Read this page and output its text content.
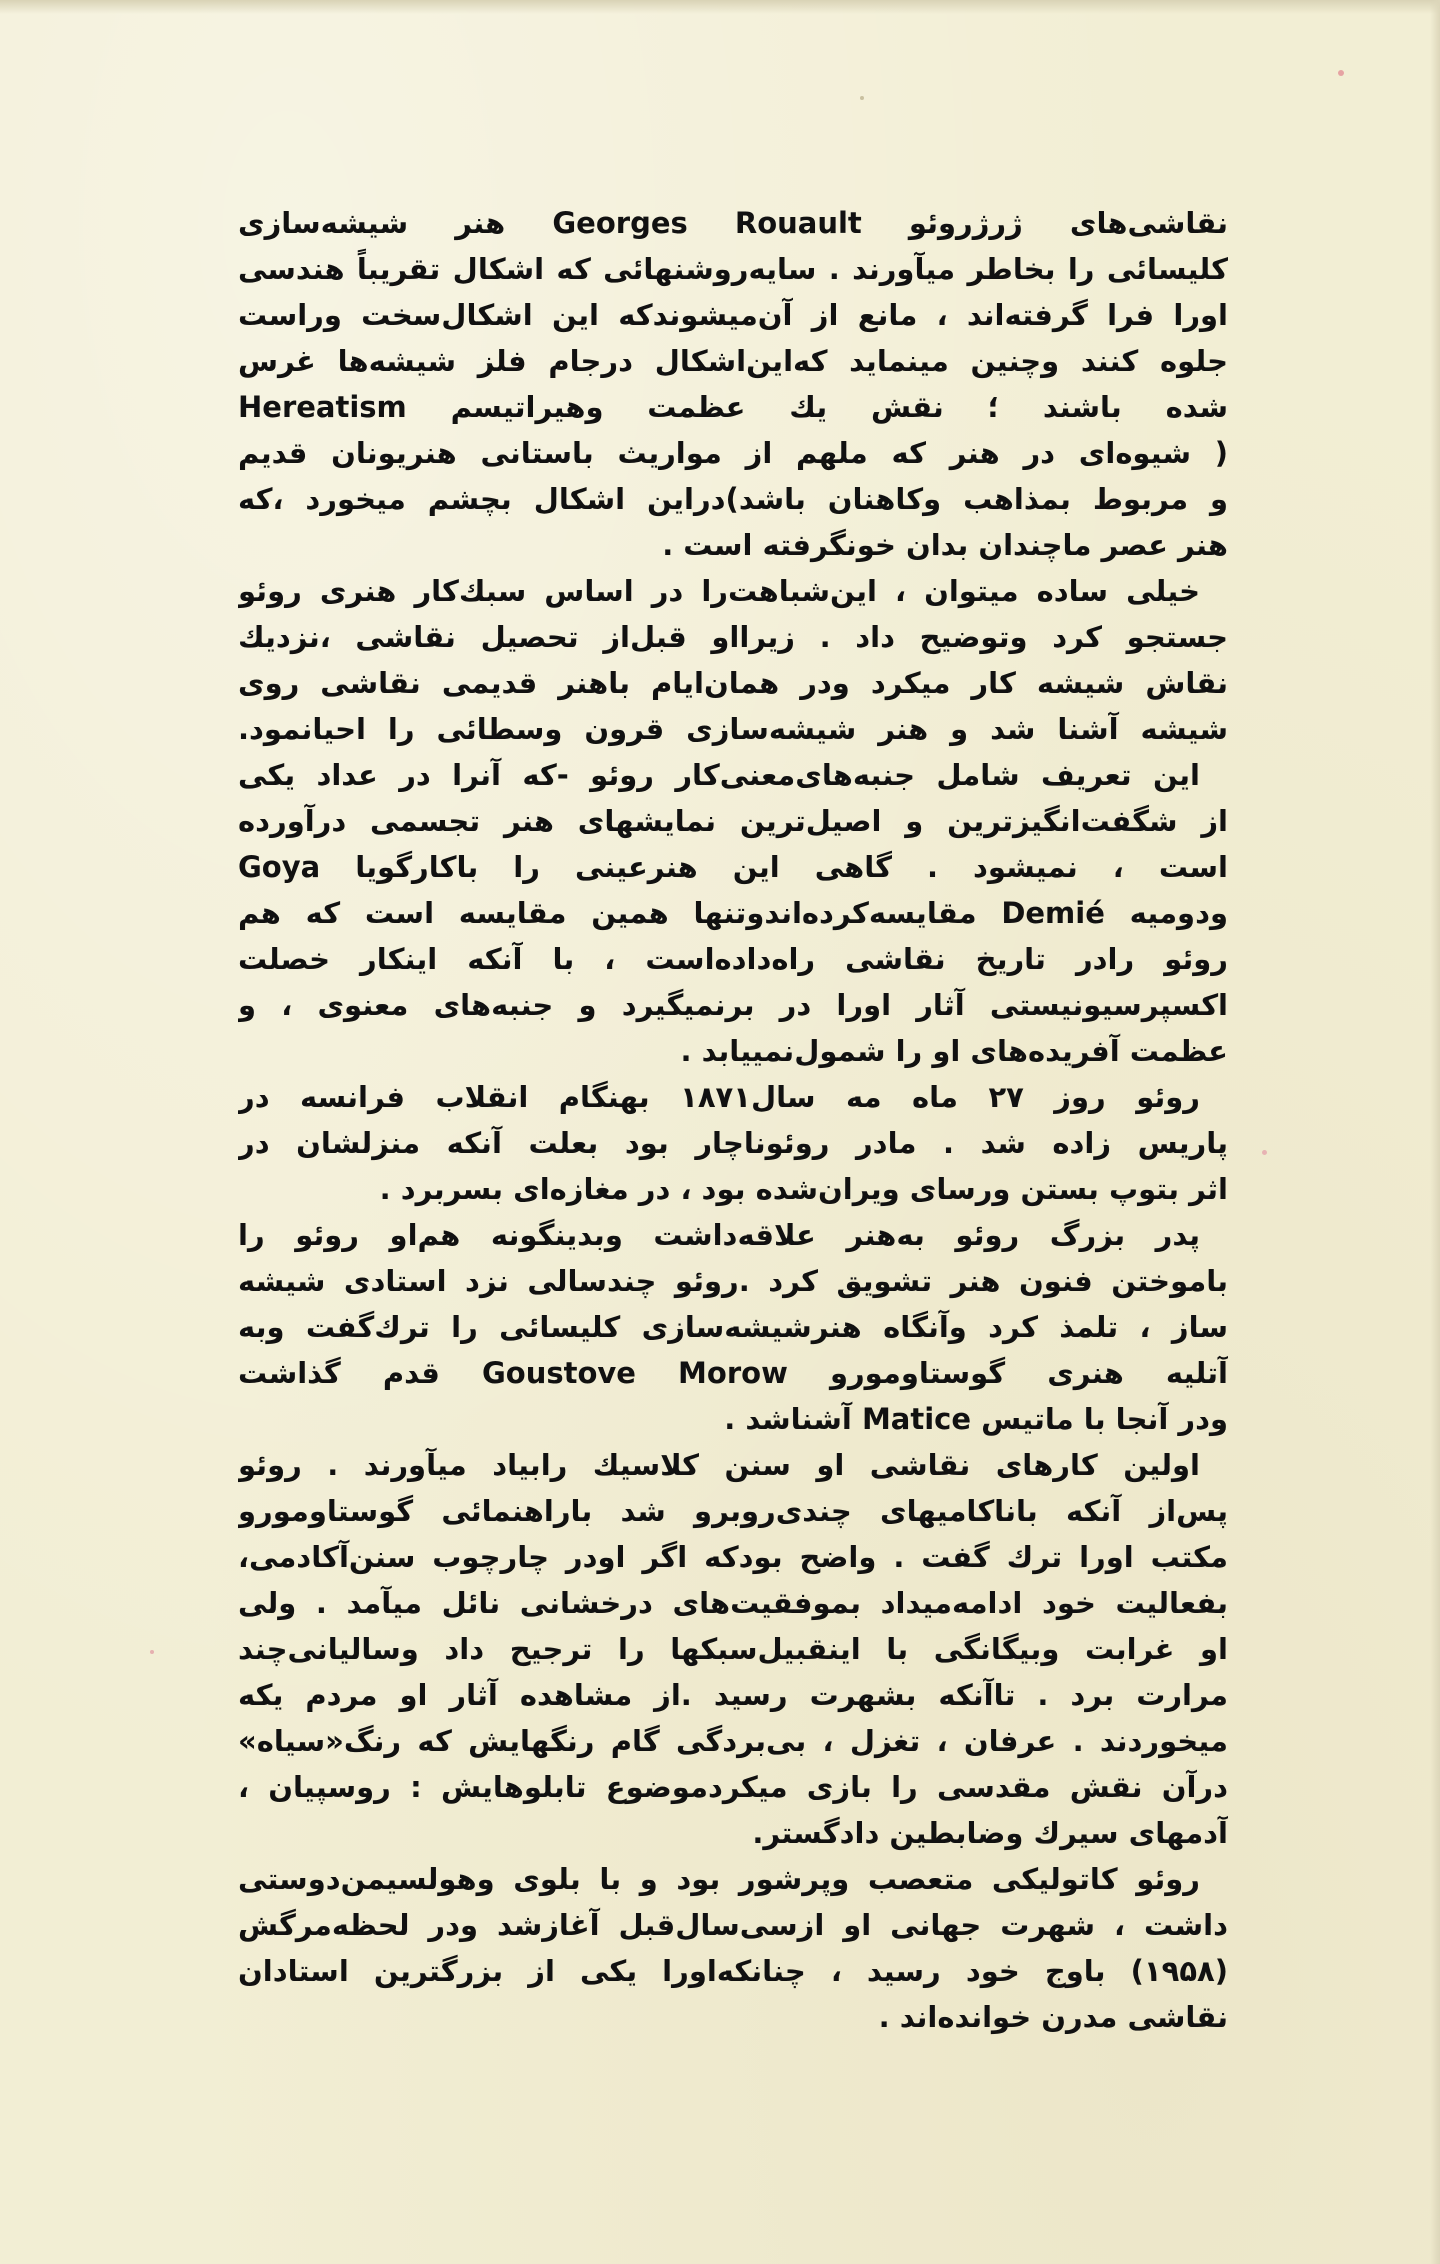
نقاشی‌های ژرژروئو Georges Rouault هنر شیشه‌سازی
کلیسائی را بخاطر میآورند . سایه‌روشنهائی که اشکال تقریباً هندسی
اورا فرا گرفته‌اند ، مانع از آن‌میشوندکه این اشکال‌سخت وراست
جلوه کنند وچنین مینماید که‌این‌اشکال درجام فلز شیشه‌ها غرس
شده باشند ؛ نقش یك عظمت وهیراتیسم Hereatism
( شیوه‌ای در هنر که ملهم از مواریث باستانی هنریونان قدیم
و مربوط بمذاهب وکاهنان باشد)دراین اشکال بچشم میخورد ،که
هنر عصر ماچندان بدان خونگرفته است .
خیلی ساده میتوان ، این‌شباهت‌را در اساس سبك‌کار هنری روئو
جستجو کرد وتوضیح داد . زیرااو قبل‌از تحصیل نقاشی ،نزدیك
نقاش شیشه کار میکرد ودر همان‌ایام باهنر قدیمی نقاشی روی
شیشه آشنا شد و هنر شیشه‌سازی قرون وسطائی را احیانمود.
این تعریف شامل جنبه‌های‌معنی‌کار روئو -که آنرا در عداد یکی
از شگفت‌انگیزترین و اصیل‌ترین نمایشهای هنر تجسمی درآورده
است ، نمیشود . گاهی این هنرعینی را باکارگویا Goya
ودومیه Demié مقایسه‌کرده‌اندوتنها همین مقایسه است که هم
روئو رادر تاریخ نقاشی راه‌داده‌است ، با آنکه اینکار خصلت
اکسپرسیونیستی آثار اورا در برنمیگیرد و جنبه‌های معنوی ، و
عظمت آفریده‌های او را شمول‌نمییابد .
روئو روز ۲۷ ماه مه سال۱۸۷۱ بهنگام انقلاب فرانسه در
پاریس زاده شد . مادر روئوناچار بود بعلت آنکه منزلشان در
اثر بتوپ بستن ورسای ویران‌شده بود ، در مغازه‌ای بسربرد .
پدر بزرگ روئو به‌هنر علاقه‌داشت وبدینگونه هم‌او روئو را
باموختن فنون هنر تشویق کرد .روئو چندسالی نزد استادی شیشه
ساز ، تلمذ کرد وآنگاه هنرشیشه‌سازی کلیسائی را ترك‌گفت وبه
آتلیه هنری گوستاومورو Goustove Morow قدم گذاشت
ودر آنجا با ماتیس Matice آشناشد .
اولین کارهای نقاشی او سنن کلاسیك رابیاد میآورند . روئو
پس‌از آنکه باناکامیهای چندی‌روبرو شد باراهنمائی گوستاومورو
مکتب اورا ترك گفت . واضح بودکه اگر اودر چارچوب سنن‌آکادمی،
بفعالیت خود ادامه‌میداد بموفقیت‌های درخشانی نائل میآمد . ولی
او غرابت وبیگانگی با اینقبیل‌سبکها را ترجیح داد وسالیانی‌چند
مرارت برد . تاآنکه بشهرت رسید .از مشاهده آثار او مردم یکه
میخوردند . عرفان ، تغزل ، بی‌بردگی گام رنگهایش که رنگ«سیاه»
درآن نقش مقدسی را بازی میکردموضوع تابلوهایش : روسپیان ،
آدمهای سیرك وضابطین دادگستر.
روئو کاتولیکی متعصب وپرشور بود و با بلوی وهولسیمن‌دوستی
داشت ، شهرت جهانی او ازسی‌سال‌قبل آغازشد ودر لحظه‌مرگش
(۱۹۵۸) باوج خود رسید ، چنانکه‌اورا یکی از بزرگترین استادان
نقاشی مدرن خوانده‌اند .
